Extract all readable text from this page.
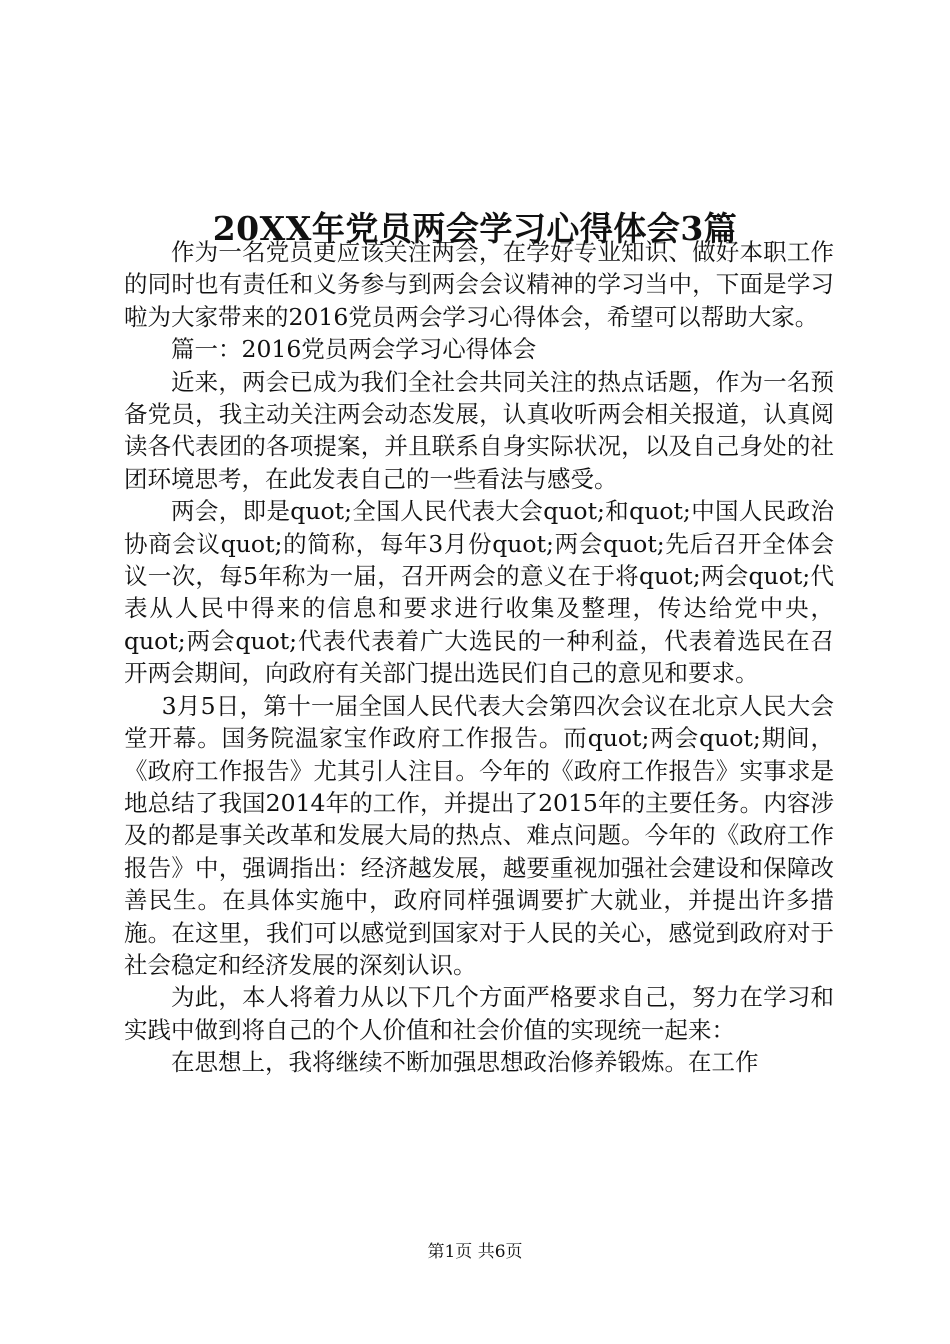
20XX年党员两会学习心得体会3篇

作为一名党员更应该关注两会，在学好专业知识、做好本职工作的同时也有责任和义务参与到两会会议精神的学习当中，下面是学习啦为大家带来的2016党员两会学习心得体会，希望可以帮助大家。

篇一：2016党员两会学习心得体会

近来，两会已成为我们全社会共同关注的热点话题，作为一名预备党员，我主动关注两会动态发展，认真收听两会相关报道，认真阅读各代表团的各项提案，并且联系自身实际状况，以及自己身处的社团环境思考，在此发表自己的一些看法与感受。

两会，即是quot;全国人民代表大会quot;和quot;中国人民政治协商会议quot;的简称，每年3月份quot;两会quot;先后召开全体会议一次，每5年称为一届，召开两会的意义在于将quot;两会quot;代表从人民中得来的信息和要求进行收集及整理，传达给党中央，quot;两会quot;代表代表着广大选民的一种利益，代表着选民在召开两会期间，向政府有关部门提出选民们自己的意见和要求。

3月5日，第十一届全国人民代表大会第四次会议在北京人民大会堂开幕。国务院温家宝作政府工作报告。而quot;两会quot;期间，《政府工作报告》尤其引人注目。今年的《政府工作报告》实事求是地总结了我国2014年的工作，并提出了2015年的主要任务。内容涉及的都是事关改革和发展大局的热点、难点问题。今年的《政府工作报告》中，强调指出：经济越发展，越要重视加强社会建设和保障改善民生。在具体实施中，政府同样强调要扩大就业，并提出许多措施。在这里，我们可以感觉到国家对于人民的关心，感觉到政府对于社会稳定和经济发展的深刻认识。

为此，本人将着力从以下几个方面严格要求自己，努力在学习和实践中做到将自己的个人价值和社会价值的实现统一起来：

在思想上，我将继续不断加强思想政治修养锻炼。在工作

第1页 共6页
